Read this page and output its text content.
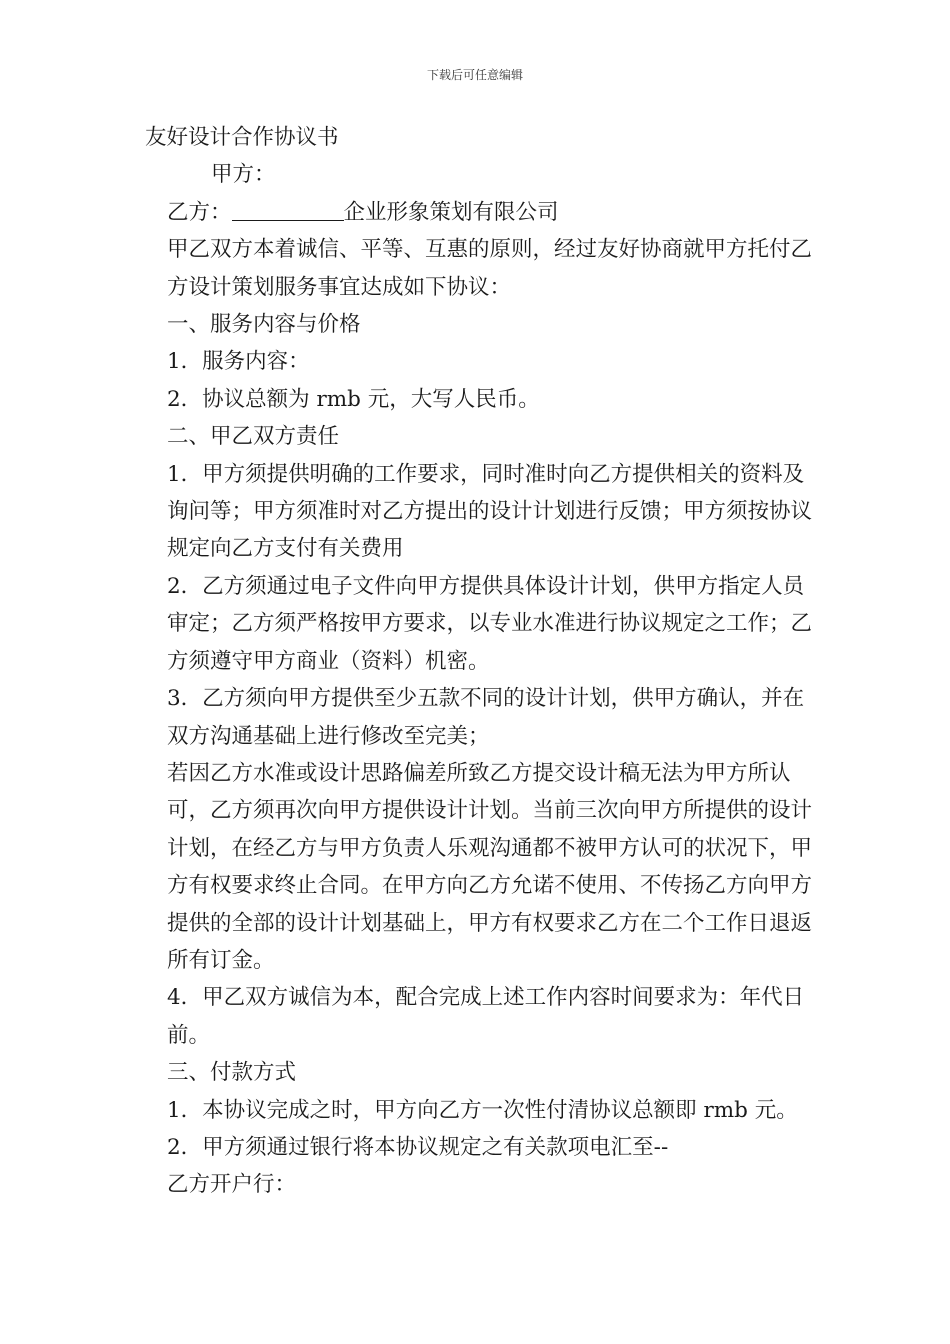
下载后可任意编辑

友好设计合作协议书

甲方：

乙方：	企业形象策划有限公司

甲乙双方本着诚信、平等、互惠的原则，经过友好协商就甲方托付乙方设计策划服务事宜达成如下协议：

一、服务内容与价格

1．服务内容：

2．协议总额为 rmb 元，大写人民币。

二、甲乙双方责任

1．甲方须提供明确的工作要求，同时准时向乙方提供相关的资料及询问等；甲方须准时对乙方提出的设计计划进行反馈；甲方须按协议规定向乙方支付有关费用

2．乙方须通过电子文件向甲方提供具体设计计划，供甲方指定人员审定；乙方须严格按甲方要求，以专业水准进行协议规定之工作；乙方须遵守甲方商业（资料）机密。

3．乙方须向甲方提供至少五款不同的设计计划，供甲方确认，并在双方沟通基础上进行修改至完美；

若因乙方水准或设计思路偏差所致乙方提交设计稿无法为甲方所认可，乙方须再次向甲方提供设计计划。当前三次向甲方所提供的设计计划，在经乙方与甲方负责人乐观沟通都不被甲方认可的状况下，甲方有权要求终止合同。在甲方向乙方允诺不使用、不传扬乙方向甲方提供的全部的设计计划基础上，甲方有权要求乙方在二个工作日退返所有订金。

4．甲乙双方诚信为本，配合完成上述工作内容时间要求为：年代日前。

三、付款方式

1．本协议完成之时，甲方向乙方一次性付清协议总额即 rmb 元。

2．甲方须通过银行将本协议规定之有关款项电汇至--

乙方开户行：
